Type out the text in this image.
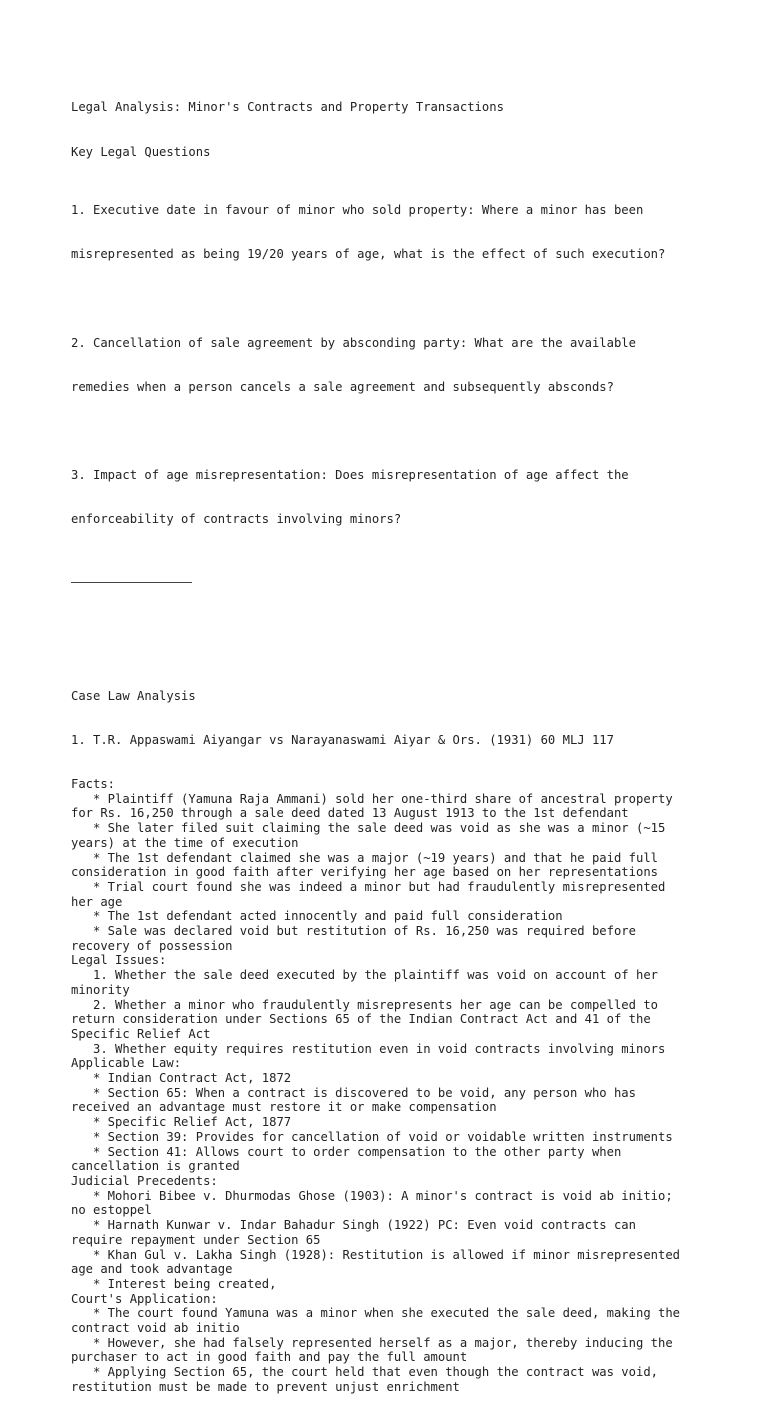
Legal Analysis: Minor's Contracts and Property Transactions

Key Legal Questions

1. Executive date in favour of minor who sold property: Where a minor has been

misrepresented as being 19/20 years of age, what is the effect of such execution?

2. Cancellation of sale agreement by absconding party: What are the available

remedies when a person cancels a sale agreement and subsequently absconds?

3. Impact of age misrepresentation: Does misrepresentation of age affect the

enforceability of contracts involving minors?

Case Law Analysis

1. T.R. Appaswami Aiyangar vs Narayanaswami Aiyar & Ors. (1931) 60 MLJ 117

Facts:
* Plaintiff (Yamuna Raja Ammani) sold her one-third share of ancestral property
for Rs. 16,250 through a sale deed dated 13 August 1913 to the 1st defendant
* She later filed suit claiming the sale deed was void as she was a minor (~15
years) at the time of execution
* The 1st defendant claimed she was a major (~19 years) and that he paid full
consideration in good faith after verifying her age based on her representations
* Trial court found she was indeed a minor but had fraudulently misrepresented
her age
* The 1st defendant acted innocently and paid full consideration
* Sale was declared void but restitution of Rs. 16,250 was required before
recovery of possession
Legal Issues:
1. Whether the sale deed executed by the plaintiff was void on account of her
minority
2. Whether a minor who fraudulently misrepresents her age can be compelled to
return consideration under Sections 65 of the Indian Contract Act and 41 of the
Specific Relief Act
3. Whether equity requires restitution even in void contracts involving minors
Applicable Law:
* Indian Contract Act, 1872
* Section 65: When a contract is discovered to be void, any person who has
received an advantage must restore it or make compensation
* Specific Relief Act, 1877
* Section 39: Provides for cancellation of void or voidable written instruments
* Section 41: Allows court to order compensation to the other party when
cancellation is granted
Judicial Precedents:
* Mohori Bibee v. Dhurmodas Ghose (1903): A minor's contract is void ab initio;
no estoppel
* Harnath Kunwar v. Indar Bahadur Singh (1922) PC: Even void contracts can
require repayment under Section 65
* Khan Gul v. Lakha Singh (1928): Restitution is allowed if minor misrepresented
age and took advantage
* Interest being created,
Court's Application:
* The court found Yamuna was a minor when she executed the sale deed, making the
contract void ab initio
* However, she had falsely represented herself as a major, thereby inducing the
purchaser to act in good faith and pay the full amount
* Applying Section 65, the court held that even though the contract was void,
restitution must be made to prevent unjust enrichment
